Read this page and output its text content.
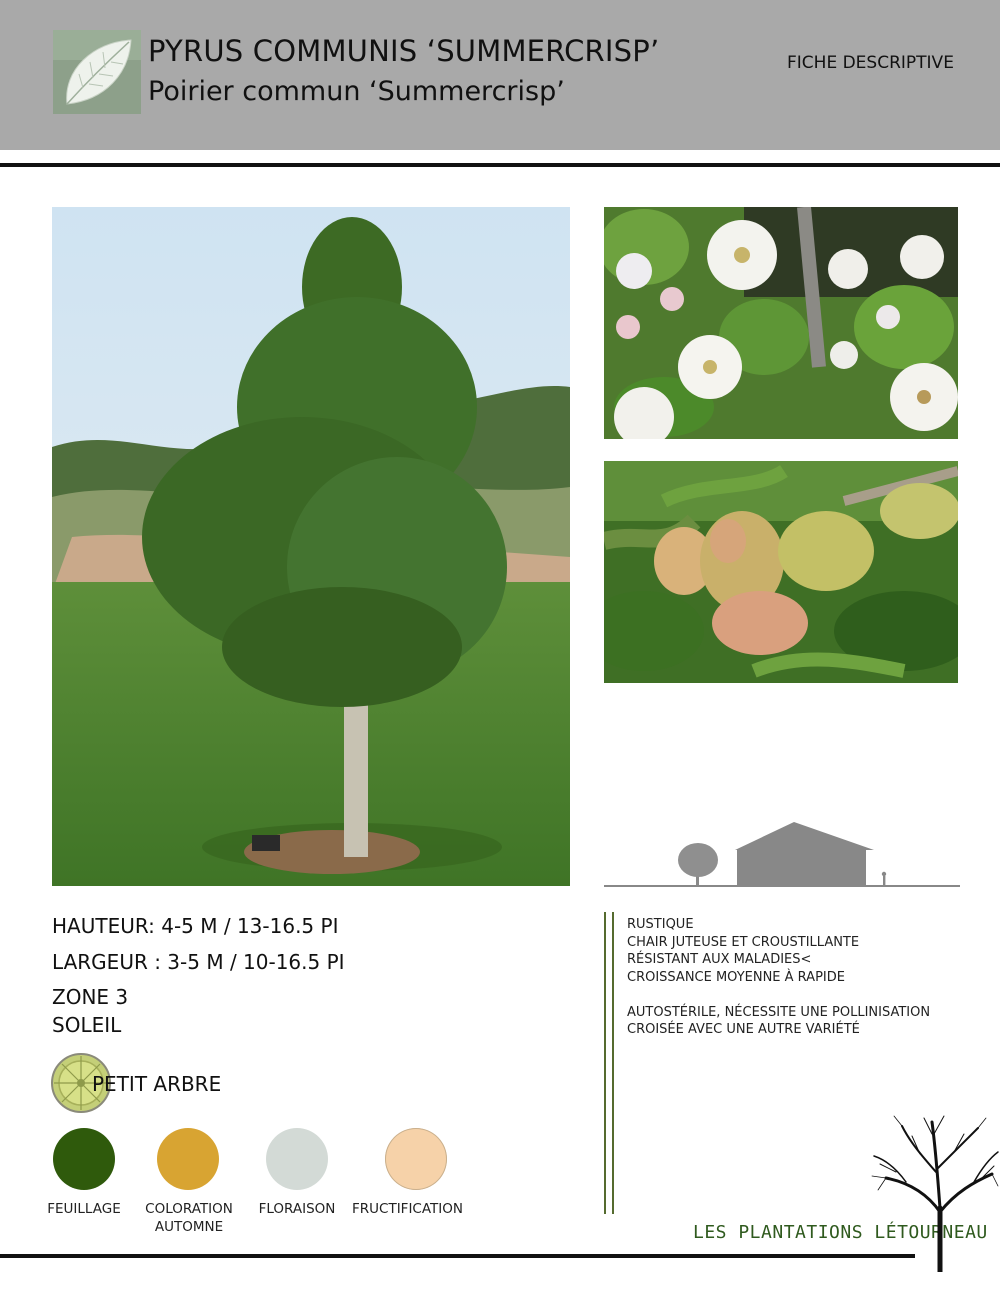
PYRUS COMMUNIS ‘SUMMERCRISP’
Poirier commun ‘Summercrisp’
FICHE DESCRIPTIVE
HAUTEUR: 4-5 M / 13-16.5 PI
LARGEUR : 3-5 M / 10-16.5 PI
ZONE 3
SOLEIL
PETIT ARBRE
FEUILLAGE	COLORATION
AUTOMNE
FLORAISON	FRUCTIFICATION
RUSTIQUE
CHAIR JUTEUSE ET CROUSTILLANTE
RÉSISTANT AUX MALADIES<
CROISSANCE MOYENNE À RAPIDE
AUTOSTÉRILE, NÉCESSITE UNE POLLINISATION
CROISÉE AVEC UNE AUTRE VARIÉTÉ
LES PLANTATIONS LÉTOURNEAU
